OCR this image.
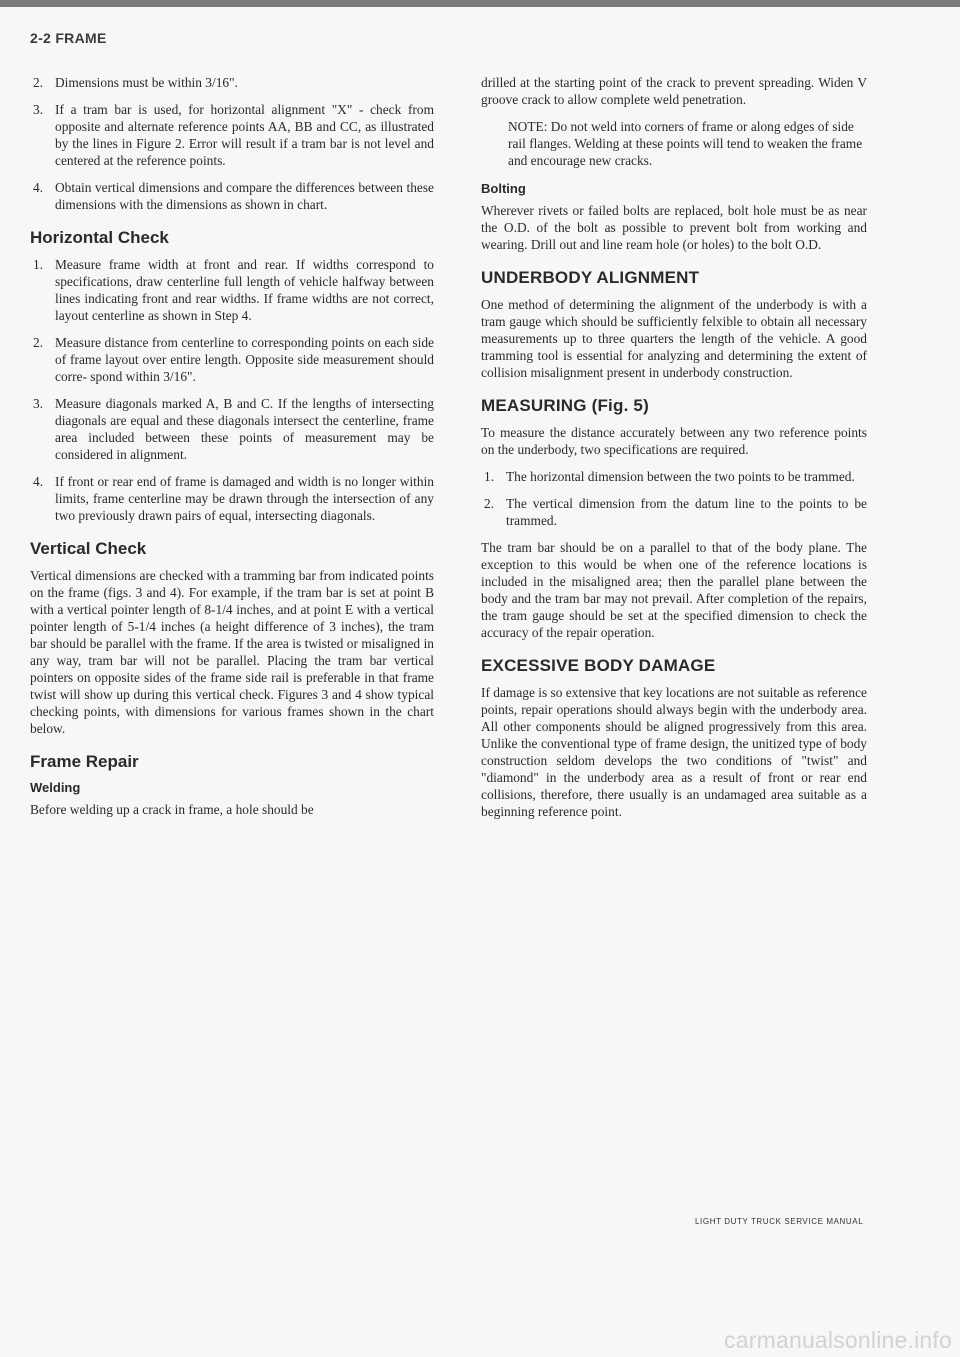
2-2 FRAME
2. Dimensions must be within 3/16".
3. If a tram bar is used, for horizontal alignment "X" - check from opposite and alternate reference points AA, BB and CC, as illustrated by the lines in Figure 2. Error will result if a tram bar is not level and centered at the reference points.
4. Obtain vertical dimensions and compare the differences between these dimensions with the dimensions as shown in chart.
Horizontal Check
1. Measure frame width at front and rear. If widths correspond to specifications, draw centerline full length of vehicle halfway between lines indicating front and rear widths. If frame widths are not correct, layout centerline as shown in Step 4.
2. Measure distance from centerline to corresponding points on each side of frame layout over entire length. Opposite side measurement should corre- spond within 3/16".
3. Measure diagonals marked A, B and C. If the lengths of intersecting diagonals are equal and these diagonals intersect the centerline, frame area included between these points of measurement may be considered in alignment.
4. If front or rear end of frame is damaged and width is no longer within limits, frame centerline may be drawn through the intersection of any two previously drawn pairs of equal, intersecting diagonals.
Vertical Check

Vertical dimensions are checked with a tramming bar from indicated points on the frame (figs. 3 and 4). For example, if the tram bar is set at point B with a vertical pointer length of 8-1/4 inches, and at point E with a vertical pointer length of 5-1/4 inches (a height difference of 3 inches), the tram bar should be parallel with the frame. If the area is twisted or misaligned in any way, tram bar will not be parallel. Placing the tram bar vertical pointers on opposite sides of the frame side rail is preferable in that frame twist will show up during this vertical check. Figures 3 and 4 show typical checking points, with dimensions for various frames shown in the chart below.

Frame Repair
Welding

Before welding up a crack in frame, a hole should be

drilled at the starting point of the crack to prevent spreading. Widen V groove crack to allow complete weld penetration.

NOTE: Do not weld into corners of frame or along edges of side rail flanges. Welding at these points will tend to weaken the frame and encourage new cracks.

Bolting

Wherever rivets or failed bolts are replaced, bolt hole must be as near the O.D. of the bolt as possible to prevent bolt from working and wearing. Drill out and line ream hole (or holes) to the bolt O.D.

UNDERBODY ALIGNMENT

One method of determining the alignment of the underbody is with a tram gauge which should be sufficiently felxible to obtain all necessary measurements up to three quarters the length of the vehicle. A good tramming tool is essential for analyzing and determining the extent of collision misalignment present in underbody construction.

MEASURING (Fig. 5)

To measure the distance accurately between any two reference points on the underbody, two specifications are required.

1. The horizontal dimension between the two points to be trammed.
2. The vertical dimension from the datum line to the points to be trammed.

The tram bar should be on a parallel to that of the body plane. The exception to this would be when one of the reference locations is included in the misaligned area; then the parallel plane between the body and the tram bar may not prevail. After completion of the repairs, the tram gauge should be set at the specified dimension to check the accuracy of the repair operation.

EXCESSIVE BODY DAMAGE

If damage is so extensive that key locations are not suitable as reference points, repair operations should always begin with the underbody area. All other components should be aligned progressively from this area. Unlike the conventional type of frame design, the unitized type of body construction seldom develops the two conditions of "twist" and "diamond" in the underbody area as a result of front or rear end collisions, therefore, there usually is an undamaged area suitable as a beginning reference point.

LIGHT DUTY TRUCK SERVICE MANUAL
carmanualsonline.info
